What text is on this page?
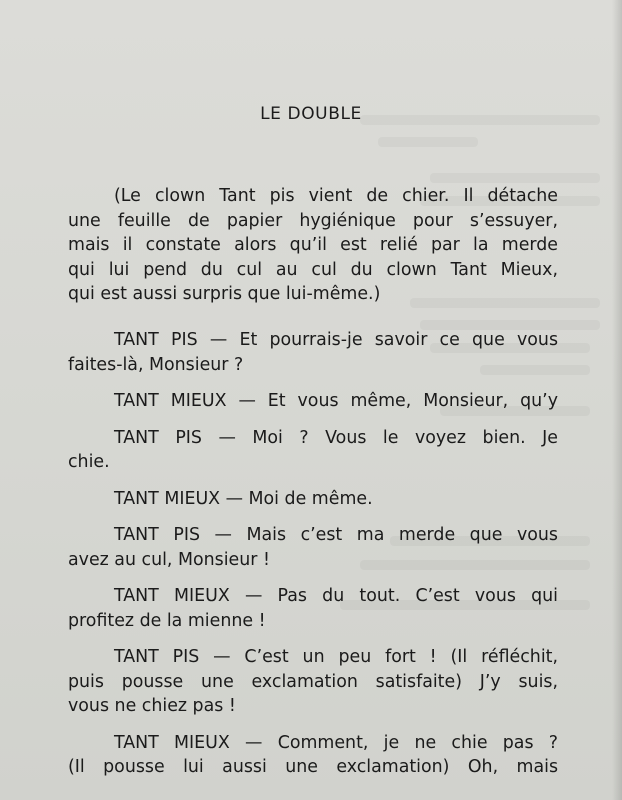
LE DOUBLE
(Le clown Tant pis vient de chier. Il détache
une feuille de papier hygiénique pour s’essuyer,
mais il constate alors qu’il est relié par la merde
qui lui pend du cul au cul du clown Tant Mieux,
qui est aussi surpris que lui-même.)
TANT PIS — Et pourrais-je savoir ce que vous
faites-là, Monsieur ?
TANT MIEUX — Et vous même, Monsieur, qu’y
TANT PIS — Moi ? Vous le voyez bien. Je
chie.
TANT MIEUX — Moi de même.
TANT PIS — Mais c’est ma merde que vous
avez au cul, Monsieur !
TANT MIEUX — Pas du tout. C’est vous qui
profitez de la mienne !
TANT PIS — C’est un peu fort ! (Il réfléchit,
puis pousse une exclamation satisfaite) J’y suis,
vous ne chiez pas !
TANT MIEUX — Comment, je ne chie pas ?
(Il pousse lui aussi une exclamation) Oh, mais
